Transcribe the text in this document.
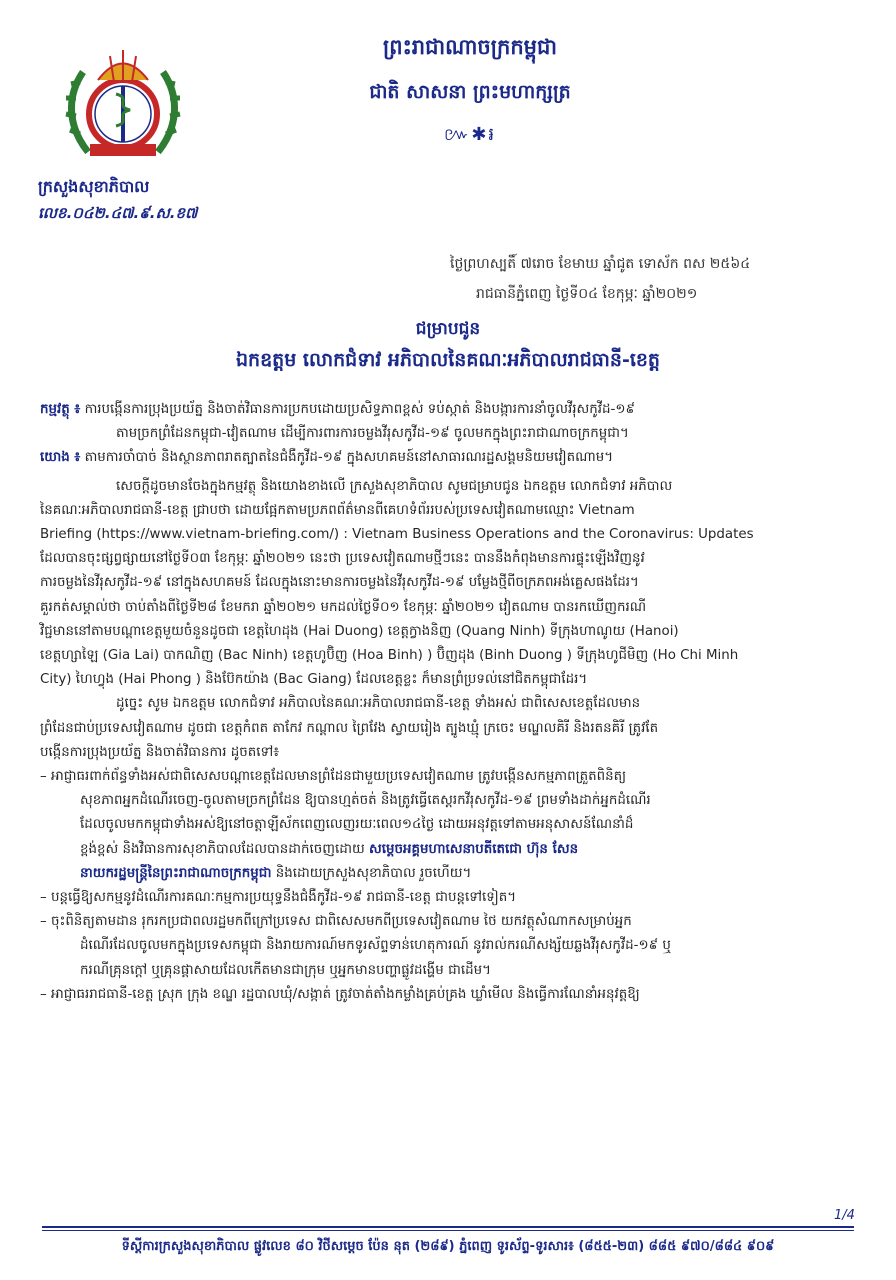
ក្រសួងសុខាភិបាល
លេខ.០៤២.៤៧.៩.ស.ខ៧
ព្រះរាជាណាចក្រកម្ពុជា
ជាតិ សាសនា ព្រះមហាក្សត្រ
៚✱៛
ថ្ងៃព្រហស្បតិ៍ ៧រោច ខែមាឃ ឆ្នាំជូត ទោស័ក ពស ២៥៦៤
រាជធានីភ្នំពេញ ថ្ងៃទី០៤ ខែកុម្ភៈ ឆ្នាំ២០២១
ជម្រាបជូន
ឯកឧត្តម លោកជំទាវ អភិបាលនៃគណៈអភិបាលរាជធានី-ខេត្ត

កម្មវត្ថុ ៖ ការបង្កើនការប្រុងប្រយ័ត្ន និងចាត់វិធានការប្រកបដោយប្រសិទ្ធភាពខ្ពស់ ទប់ស្កាត់ និងបង្ការការនាំចូលវីរុសកូវីដ-១៩

តាមច្រកព្រំដែនកម្ពុជា-វៀតណាម ដើម្បីការពារការចម្លងវីរុសកូវីដ-១៩ ចូលមកក្នុងព្រះរាជាណាចក្រកម្ពុជា។

យោង ៖ តាមការចាំបាច់ និងស្ថានភាពរាតត្បាតនៃជំងឺកូវីដ-១៩ ក្នុងសហគមន៍នៅសាធារណរដ្ឋសង្គមនិយមវៀតណាម។

សេចក្តីដូចមានចែងក្នុងកម្មវត្ថុ និងយោងខាងលើ ក្រសួងសុខាភិបាល សូមជម្រាបជូន ឯកឧត្តម លោកជំទាវ អភិបាល

នៃគណៈអភិបាលរាជធានី-ខេត្ត ជ្រាបថា ដោយផ្អែកតាមប្រភពព័ត៌មានពីគេហទំព័ររបស់ប្រទេសវៀតណាមឈ្មោះ Vietnam

Briefing (https://www.vietnam-briefing.com/) : Vietnam Business Operations and the Coronavirus: Updates

ដែលបានចុះផ្សព្វផ្សាយនៅថ្ងៃទី០៣ ខែកុម្ភៈ ឆ្នាំ២០២១ នេះថា ប្រទេសវៀតណាមថ្មីៗនេះ បាននឹងកំពុងមានការផ្ទុះឡើងវិញនូវ

ការចម្លងនៃវីរុសកូវីដ-១៩ នៅក្នុងសហគមន៍ ដែលក្នុងនោះមានការចម្លងនៃវីរុសកូវីដ-១៩ បម្លែងថ្មីពីចក្រភពអង់គ្លេសផងដែរ។

គួរកត់សម្គាល់ថា ចាប់តាំងពីថ្ងៃទី២៨ ខែមករា ឆ្នាំ២០២១ មកដល់ថ្ងៃទី០១ ខែកុម្ភៈ ឆ្នាំ២០២១ វៀតណាម បានរកឃើញករណី

វិជ្ជមាននៅតាមបណ្តាខេត្តមួយចំនួនដូចជា ខេត្តហៃដុង (Hai Duong) ខេត្តក្វាងនិញ (Quang Ninh) ទីក្រុងហាណូយ (Hanoi)

ខេត្តហ្សាឡៃ (Gia Lai) បាកណិញ (Bac Ninh) ខេត្តហូប៊ិញ (Hoa Binh) ) ប៊ិញដុង (Binh Duong ) ទីក្រុងហូជីមិញ (Ho Chi Minh

City) ហៃហ្វុង (Hai Phong ) និងប៊ែកយ៉ាង (Bac Giang) ដែលខេត្តខ្លះ ក៏មានព្រំប្រទល់នៅជិតកម្ពុជាដែរ។

ដូច្នេះ សូម ឯកឧត្តម លោកជំទាវ អភិបាលនៃគណៈអភិបាលរាជធានី-ខេត្ត ទាំងអស់ ជាពិសេសខេត្តដែលមាន

ព្រំដែនជាប់ប្រទេសវៀតណាម ដូចជា ខេត្តកំពត តាកែវ កណ្តាល ព្រៃវែង ស្វាយរៀង ត្បូងឃ្មុំ ក្រចេះ មណ្ឌលគិរី និងរតនគិរី ត្រូវតែ

បង្កើនការប្រុងប្រយ័ត្ន និងចាត់វិធានការ ដូចតទៅ៖

– អាជ្ញាធរពាក់ព័ន្ធទាំងអស់ជាពិសេសបណ្តាខេត្តដែលមានព្រំដែនជាមួយប្រទេសវៀតណាម ត្រូវបង្កើនសកម្មភាពត្រួតពិនិត្យ

សុខភាពអ្នកដំណើរចេញ-ចូលតាមច្រកព្រំដែន ឱ្យបានហ្មត់ចត់ និងត្រូវធ្វើតេស្តរកវីរុសកូវីដ-១៩ ព្រមទាំងដាក់អ្នកដំណើរ

ដែលចូលមកកម្ពុជាទាំងអស់ឱ្យនៅចត្តាឡីស័កពេញលេញរយៈពេល១៤ថ្ងៃ ដោយអនុវត្តទៅតាមអនុសាសន៍ណែនាំដ៏

ខ្ពង់ខ្ពស់ និងវិធានការសុខាភិបាលដែលបានដាក់ចេញដោយ សម្តេចអគ្គមហាសេនាបតីតេជោ ហ៊ុន សែន

នាយករដ្ឋមន្ត្រីនៃព្រះរាជាណាចក្រកម្ពុជា និងដោយក្រសួងសុខាភិបាល រួចហើយ។

– បន្តធ្វើឱ្យសកម្មនូវដំណើរការគណៈកម្មការប្រយុទ្ធនឹងជំងឺកូវីដ-១៩ រាជធានី-ខេត្ត ជាបន្តទៅទៀត។

– ចុះពិនិត្យតាមដាន រុករកប្រជាពលរដ្ឋមកពីក្រៅប្រទេស ជាពិសេសមកពីប្រទេសវៀតណាម ថៃ យកវត្ថុសំណាកសម្រាប់អ្នក

ដំណើរដែលចូលមកក្នុងប្រទេសកម្ពុជា និងរាយការណ៍មកទូរស័ព្ទទាន់ហេតុការណ៍ នូវរាល់ករណីសង្ស័យឆ្លងវីរុសកូវីដ-១៩ ឬ

ករណីគ្រុនក្តៅ ឬគ្រុនផ្តាសាយដែលកើតមានជាក្រុម ឬអ្នកមានបញ្ហាផ្លូវដង្ហើម ជាដើម។

– អាជ្ញាធររាជធានី-ខេត្ត ស្រុក ក្រុង ខណ្ឌ រដ្ឋបាលឃុំ/សង្កាត់ ត្រូវចាត់តាំងកម្លាំងគ្រប់គ្រង ឃ្លាំមើល និងធ្វើការណែនាំអនុវត្តឱ្យ

1/4
ទីស្តីការក្រសួងសុខាភិបាល ផ្លូវលេខ ៨០ វិថីសម្តេច ប៉ែន នុត (២៨៩) ភ្នំពេញ ទូរស័ព្ទ-ទូរសារ៖ (៨៥៥-២៣) ៨៨៥ ៩៧០/៨៨៤ ៩០៩
